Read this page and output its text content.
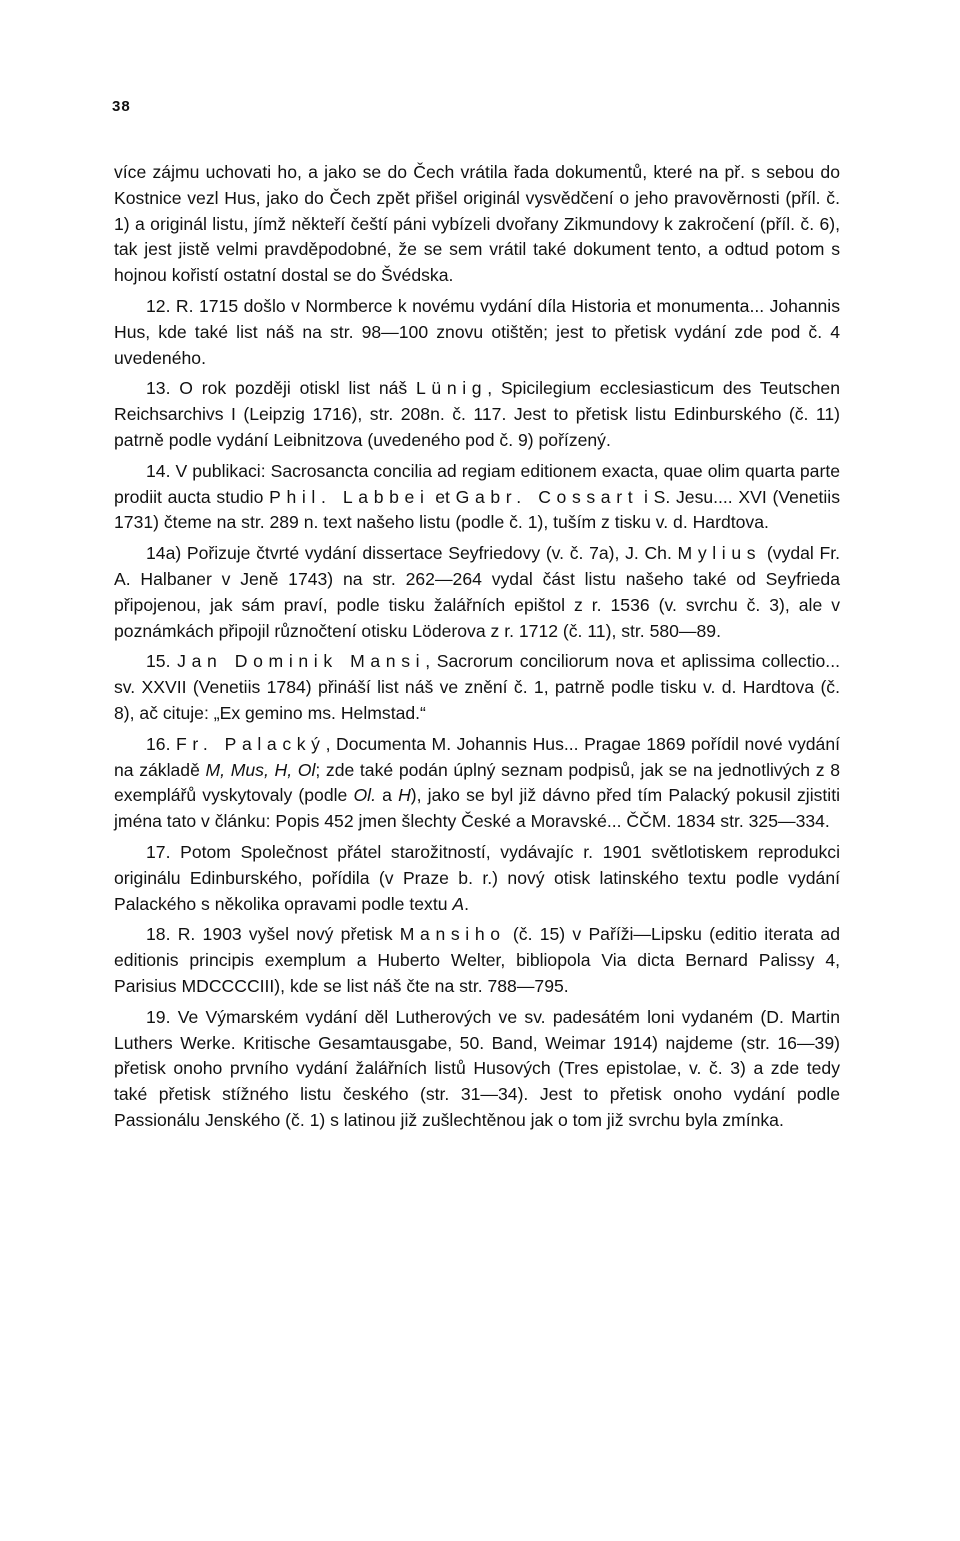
38

více zájmu uchovati ho, a jako se do Čech vrátila řada dokumentů, které na př. s sebou do Kostnice vezl Hus, jako do Čech zpět přišel originál vysvědčení o jeho pravověrnosti (příl. č. 1) a originál listu, jímž někteří čeští páni vybízeli dvořany Zikmundovy k zakročení (příl. č. 6), tak jest jistě velmi pravděpodobné, že se sem vrátil také dokument tento, a odtud potom s hojnou kořistí ostatní dostal se do Švédska.

12. R. 1715 došlo v Normberce k novému vydání díla Historia et monumenta... Johannis Hus, kde také list náš na str. 98—100 znovu otištěn; jest to přetisk vydání zde pod č. 4 uvedeného.

13. O rok později otiskl list náš Lünig, Spicilegium ecclesiasticum des Teutschen Reichsarchivs I (Leipzig 1716), str. 208n. č. 117. Jest to přetisk listu Edinburského (č. 11) patrně podle vydání Leibnitzova (uvedeného pod č. 9) pořízený.

14. V publikaci: Sacrosancta concilia ad regiam editionem exacta, quae olim quarta parte prodiit aucta studio Phil. Labbei et Gabr. Cossart i S. Jesu.... XVI (Venetiis 1731) čteme na str. 289 n. text našeho listu (podle č. 1), tuším z tisku v. d. Hardtova.

14a) Pořizuje čtvrté vydání dissertace Seyfriedovy (v. č. 7a), J. Ch. Mylius (vydal Fr. A. Halbaner v Jeně 1743) na str. 262—264 vydal část listu našeho také od Seyfrieda připojenou, jak sám praví, podle tisku žalářních epištol z r. 1536 (v. svrchu č. 3), ale v poznámkách připojil různočtení otisku Löderova z r. 1712 (č. 11), str. 580—89.

15. Jan Dominik Mansi, Sacrorum conciliorum nova et aplissima collectio... sv. XXVII (Venetiis 1784) přináší list náš ve znění č. 1, patrně podle tisku v. d. Hardtova (č. 8), ač cituje: „Ex gemino ms. Helmstad.“

16. Fr. Palacký, Documenta M. Johannis Hus... Pragae 1869 pořídil nové vydání na základě M, Mus, H, Ol; zde také podán úplný seznam podpisů, jak se na jednotlivých z 8 exemplářů vyskytovaly (podle Ol. a H), jako se byl již dávno před tím Palacký pokusil zjistiti jména tato v článku: Popis 452 jmen šlechty České a Moravské... ČČM. 1834 str. 325—334.

17. Potom Společnost přátel starožitností, vydávajíc r. 1901 světlotiskem reprodukci originálu Edinburského, pořídila (v Praze b. r.) nový otisk latinského textu podle vydání Palackého s několika opravami podle textu A.

18. R. 1903 vyšel nový přetisk Mansiho (č. 15) v Paříži—Lipsku (editio iterata ad editionis principis exemplum a Huberto Welter, bibliopola Via dicta Bernard Palissy 4, Parisius MDCCCCIII), kde se list náš čte na str. 788—795.

19. Ve Výmarském vydání děl Lutherových ve sv. padesátém loni vydaném (D. Martin Luthers Werke. Kritische Gesamtausgabe, 50. Band, Weimar 1914) najdeme (str. 16—39) přetisk onoho prvního vydání žalářních listů Husových (Tres epistolae, v. č. 3) a zde tedy také přetisk stížného listu českého (str. 31—34). Jest to přetisk onoho vydání podle Passionálu Jenského (č. 1) s latinou již zušlechtěnou jak o tom již svrchu byla zmínka.
